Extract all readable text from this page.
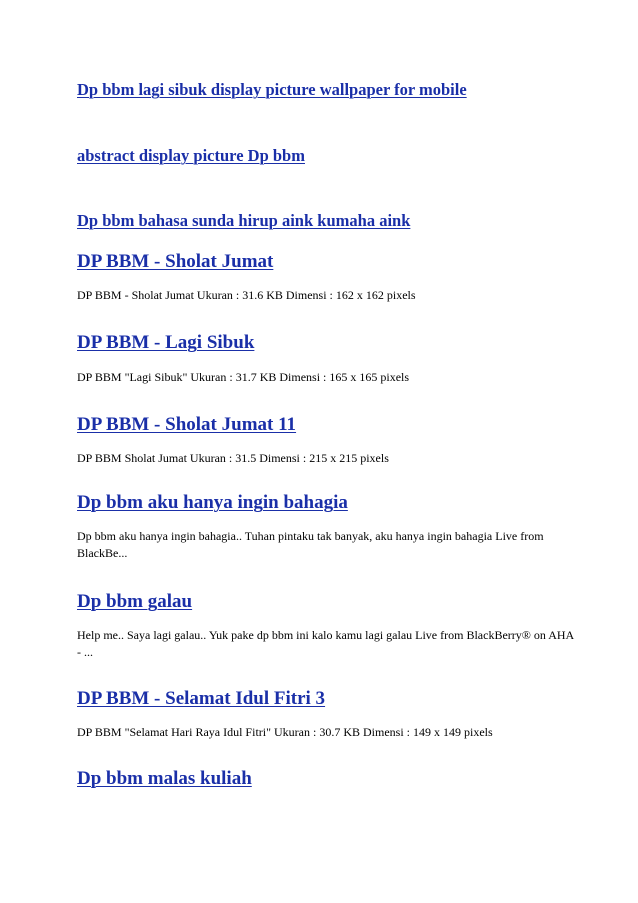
Dp bbm lagi sibuk display picture wallpaper for mobile
abstract display picture Dp bbm
Dp bbm bahasa sunda hirup aink kumaha aink
DP BBM - Sholat Jumat

DP BBM - Sholat Jumat Ukuran : 31.6 KB Dimensi : 162 x 162 pixels

DP BBM - Lagi Sibuk

DP BBM "Lagi Sibuk" Ukuran : 31.7 KB Dimensi : 165 x 165 pixels

DP BBM - Sholat Jumat 11

DP BBM Sholat Jumat Ukuran : 31.5 Dimensi : 215 x 215 pixels

Dp bbm aku hanya ingin bahagia

Dp bbm aku hanya ingin bahagia.. Tuhan pintaku tak banyak, aku hanya ingin bahagia Live from BlackBe...

Dp bbm galau

Help me.. Saya lagi galau.. Yuk pake dp bbm ini kalo kamu lagi galau Live from BlackBerry® on AHA - ...

DP BBM - Selamat Idul Fitri 3

DP BBM "Selamat Hari Raya Idul Fitri" Ukuran : 30.7 KB Dimensi : 149 x 149 pixels

Dp bbm malas kuliah
